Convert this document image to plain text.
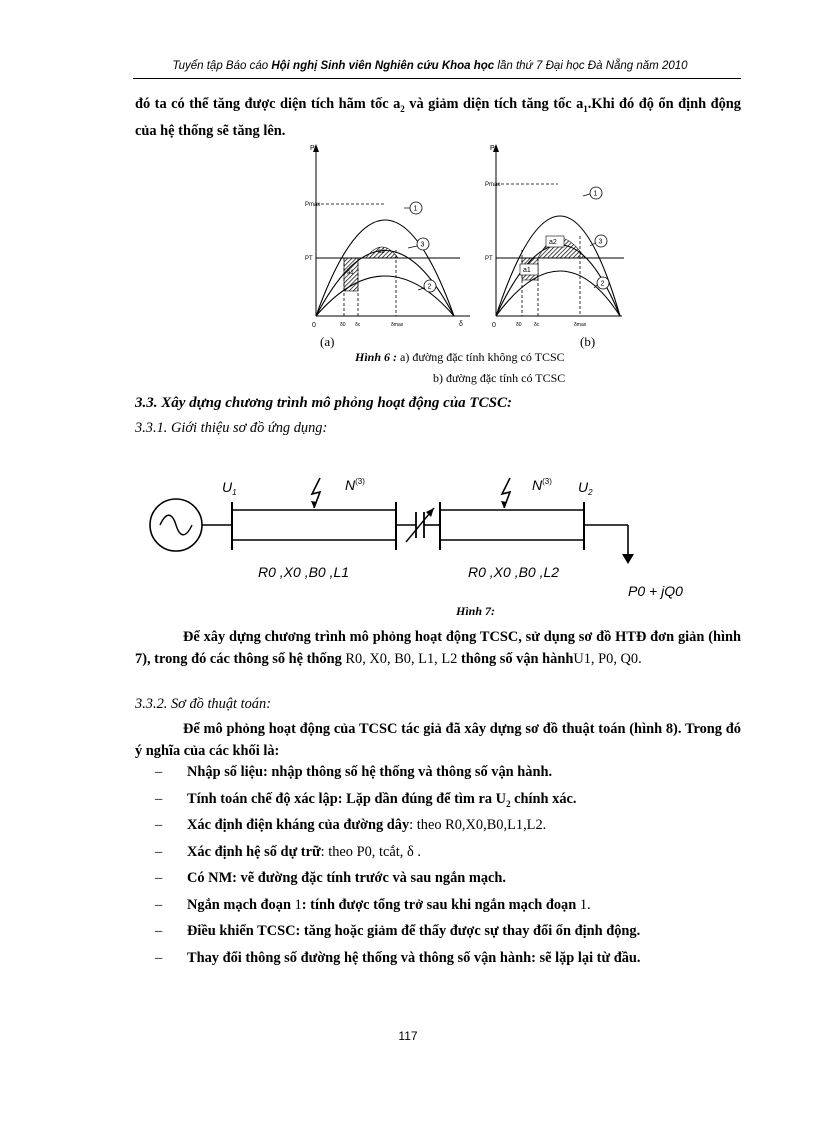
Tuyển tập Báo cáo Hội nghị Sinh viên Nghiên cứu Khoa học lần thứ 7 Đại học Đà Nẵng năm 2010
đó ta có thể tăng được diện tích hãm tốc $a_2$ và giảm diện tích tăng tốc $a_1.Khi$ đó độ ổn định động của hệ thống sẽ tăng lên.
P
Pmax
PT
0	δ0 δc	δmax	δ
a1
a2
1
3
2
(a)
P
Pmax
PT
0	δ0 δc	δmax
a1
a2
1
3
2
(b)
Hình 6 : a) đường đặc tính không có TCSC
b) đường đặc tính có TCSC
3.3. Xây dựng chương trình mô phỏng hoạt động của TCSC:
3.3.1. Giới thiệu sơ đồ ứng dụng:
$U_1$	$N^{(3)}$	$N^{(3)}$ $U_2$
R0 ,X0 ,B0 ,L1	R0 ,X0 ,B0 ,L2
P0 + jQ0
Hình 7:
Để xây dựng chương trình mô phỏng hoạt động TCSC, sử dụng sơ đồ HTĐ đơn giản (hình 7), trong đó các thông số hệ thống R0, X0, B0, L1, L2 thông số vận hànhU1, P0, Q0.
3.3.2. Sơ đồ thuật toán:
Để mô phỏng hoạt động của TCSC tác giả đã xây dựng sơ đồ thuật toán (hình 8). Trong đó ý nghĩa của các khối là:
– Nhập số liệu: nhập thông số hệ thống và thông số vận hành.
– Tính toán chế độ xác lập: Lặp dần đúng để tìm ra $U_2$ chính xác.
– Xác định điện kháng của đường dây: theo R0,X0,B0,L1,L2.
– Xác định hệ số dự trữ: theo P0, tcắt, δ .
– Có NM: vẽ đường đặc tính trước và sau ngắn mạch.
– Ngắn mạch đoạn 1: tính được tổng trở sau khi ngắn mạch đoạn 1.
– Điều khiển TCSC: tăng hoặc giảm để thấy được sự thay đổi ổn định động.
– Thay đổi thông số đường hệ thống và thông số vận hành: sẽ lặp lại từ đầu.
117
